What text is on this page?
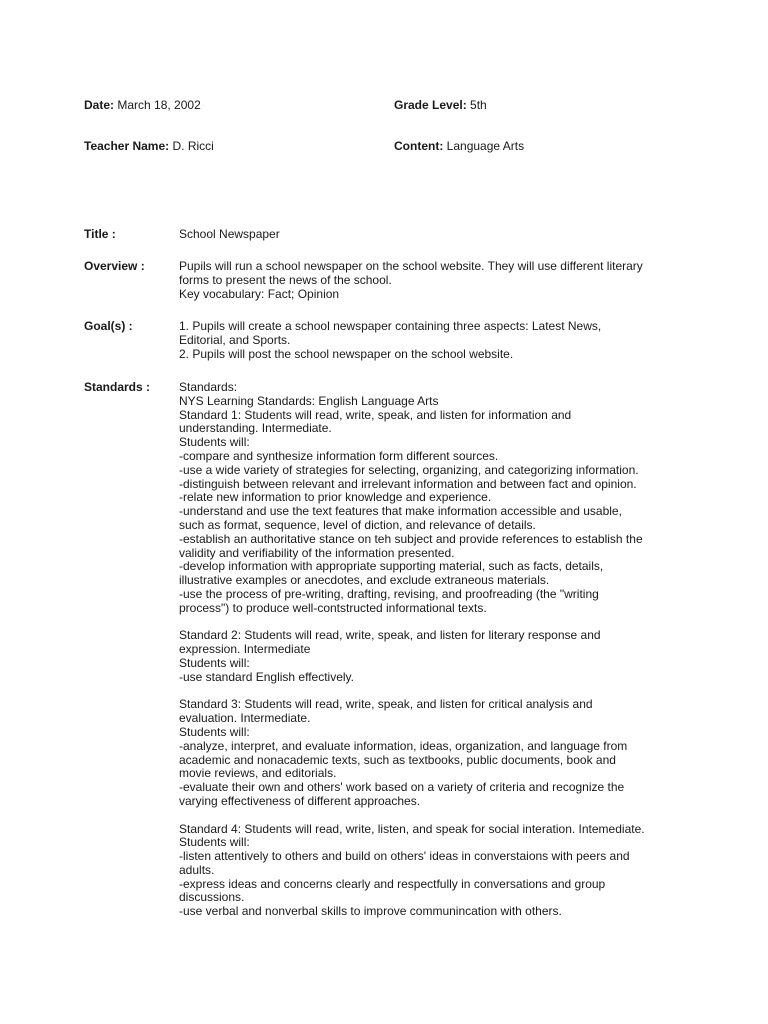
Date: March 18, 2002	Grade Level: 5th
Teacher Name: D. Ricci	Content: Language Arts
Title :	School Newspaper
Overview :	Pupils will run a school newspaper on the school website. They will use different literary
forms to present the news of the school.
Key vocabulary: Fact; Opinion
Goal(s) :	1. Pupils will create a school newspaper containing three aspects: Latest News,
Editorial, and Sports.
2. Pupils will post the school newspaper on the school website.
Standards : Standards:
NYS Learning Standards: English Language Arts
Standard 1: Students will read, write, speak, and listen for information and
understanding. Intermediate.
Students will:
-compare and synthesize information form different sources.
-use a wide variety of strategies for selecting, organizing, and categorizing information.
-distinguish between relevant and irrelevant information and between fact and opinion.
-relate new information to prior knowledge and experience.
-understand and use the text features that make information accessible and usable,
such as format, sequence, level of diction, and relevance of details.
-establish an authoritative stance on teh subject and provide references to establish the
validity and verifiability of the information presented.
-develop information with appropriate supporting material, such as facts, details,
illustrative examples or anecdotes, and exclude extraneous materials.
-use the process of pre-writing, drafting, revising, and proofreading (the "writing
process") to produce well-contstructed informational texts.
Standard 2: Students will read, write, speak, and listen for literary response and
expression. Intermediate
Students will:
-use standard English effectively.
Standard 3: Students will read, write, speak, and listen for critical analysis and
evaluation. Intermediate.
Students will:
-analyze, interpret, and evaluate information, ideas, organization, and language from
academic and nonacademic texts, such as textbooks, public documents, book and
movie reviews, and editorials.
-evaluate their own and others' work based on a variety of criteria and recognize the
varying effectiveness of different approaches.
Standard 4: Students will read, write, listen, and speak for social interation. Intemediate.
Students will:
-listen attentively to others and build on others' ideas in converstaions with peers and
adults.
-express ideas and concerns clearly and respectfully in conversations and group
discussions.
-use verbal and nonverbal skills to improve communincation with others.
